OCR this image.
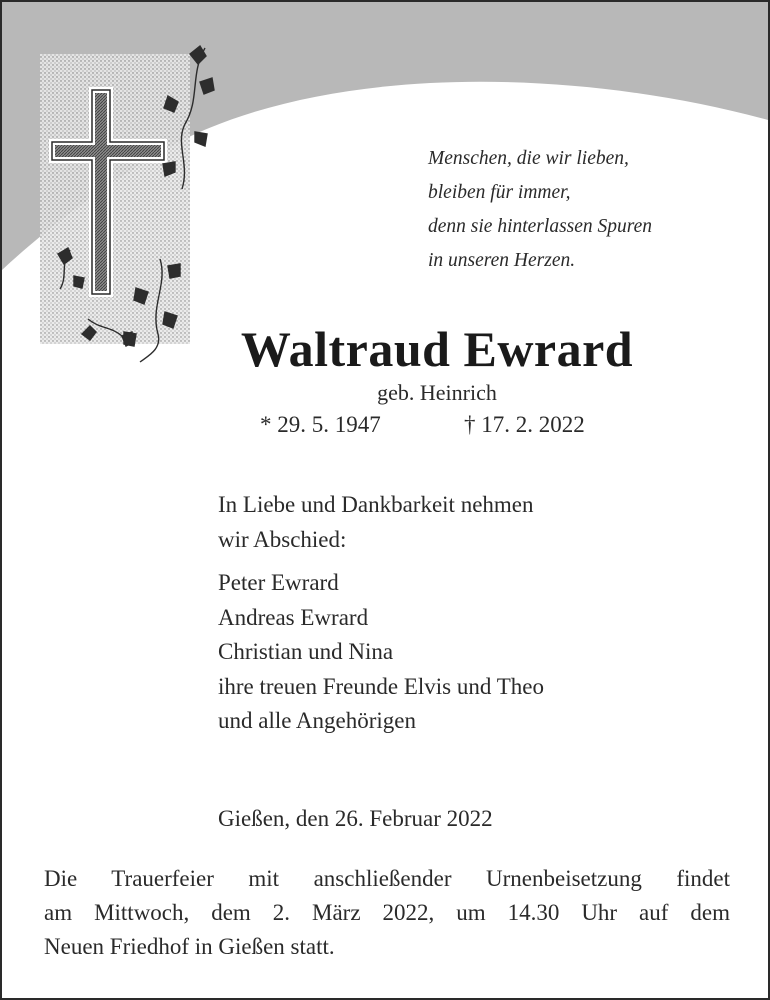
Menschen, die wir lieben,
bleiben für immer,
denn sie hinterlassen Spuren
in unseren Herzen.
Waltraud Ewrard
geb. Heinrich
* 29. 5. 1947	† 17. 2. 2022
In Liebe und Dankbarkeit nehmen
wir Abschied:
Peter Ewrard
Andreas Ewrard
Christian und Nina
ihre treuen Freunde Elvis und Theo
und alle Angehörigen
Gießen, den 26. Februar 2022
Die Trauerfeier mit anschließender Urnenbeisetzung findet
am Mittwoch, dem 2. März 2022, um 14.30 Uhr auf dem
Neuen Friedhof in Gießen statt.
